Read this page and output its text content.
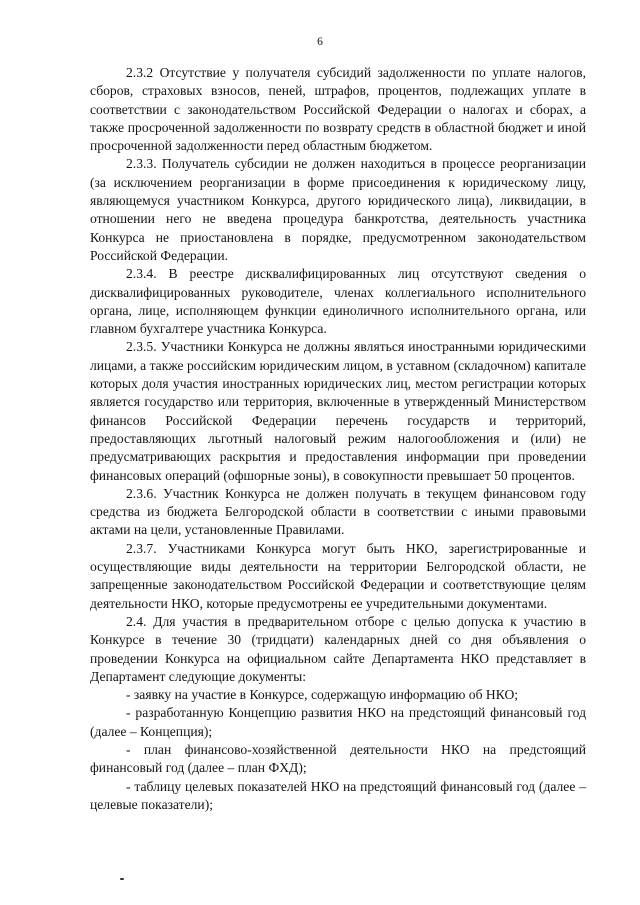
6

2.3.2 Отсутствие у получателя субсидий задолженности по уплате налогов, сборов, страховых взносов, пеней, штрафов, процентов, подлежащих уплате в соответствии с законодательством Российской Федерации о налогах и сборах, а также просроченной задолженности по возврату средств в областной бюджет и иной просроченной задолженности перед областным бюджетом.

2.3.3. Получатель субсидии не должен находиться в процессе реорганизации (за исключением реорганизации в форме присоединения к юридическому лицу, являющемуся участником Конкурса, другого юридического лица), ликвидации, в отношении него не введена процедура банкротства, деятельность участника Конкурса не приостановлена в порядке, предусмотренном законодательством Российской Федерации.

2.3.4. В реестре дисквалифицированных лиц отсутствуют сведения о дисквалифицированных руководителе, членах коллегиального исполнительного органа, лице, исполняющем функции единоличного исполнительного органа, или главном бухгалтере участника Конкурса.

2.3.5. Участники Конкурса не должны являться иностранными юридическими лицами, а также российским юридическим лицом, в уставном (складочном) капитале которых доля участия иностранных юридических лиц, местом регистрации которых является государство или территория, включенные в утвержденный Министерством финансов Российской Федерации перечень государств и территорий, предоставляющих льготный налоговый режим налогообложения и (или) не предусматривающих раскрытия и предоставления информации при проведении финансовых операций (офшорные зоны), в совокупности превышает 50 процентов.

2.3.6. Участник Конкурса не должен получать в текущем финансовом году средства из бюджета Белгородской области в соответствии с иными правовыми актами на цели, установленные Правилами.

2.3.7. Участниками Конкурса могут быть НКО, зарегистрированные и осуществляющие виды деятельности на территории Белгородской области, не запрещенные законодательством Российской Федерации и соответствующие целям деятельности НКО, которые предусмотрены ее учредительными документами.

2.4. Для участия в предварительном отборе с целью допуска к участию в Конкурсе в течение 30 (тридцати) календарных дней со дня объявления о проведении Конкурса на официальном сайте Департамента НКО представляет в Департамент следующие документы:

- заявку на участие в Конкурсе, содержащую информацию об НКО;

- разработанную Концепцию развития НКО на предстоящий финансовый год (далее – Концепция);

- план финансово-хозяйственной деятельности НКО на предстоящий финансовый год (далее – план ФХД);

- таблицу целевых показателей НКО на предстоящий финансовый год (далее – целевые показатели);
